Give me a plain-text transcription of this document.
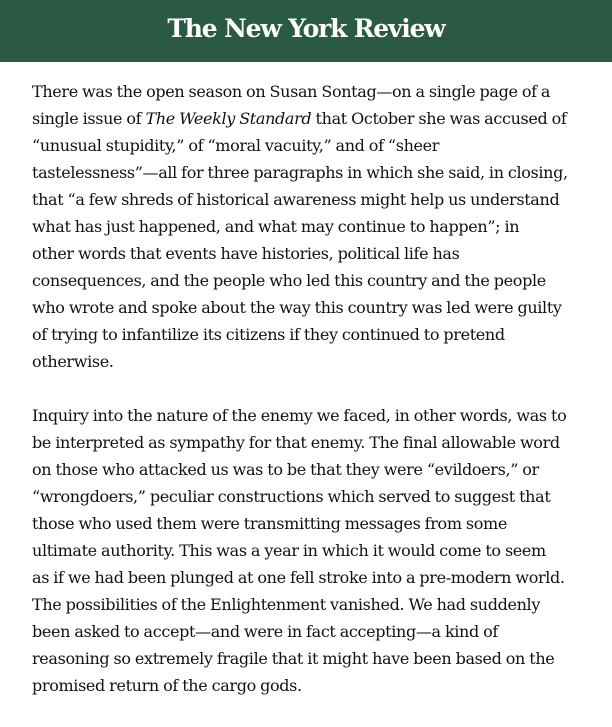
The New York Review

There was the open season on Susan Sontag—on a single page of a
single issue of The Weekly Standard that October she was accused of
“unusual stupidity,” of “moral vacuity,” and of “sheer
tastelessness”—all for three paragraphs in which she said, in closing,
that “a few shreds of historical awareness might help us understand
what has just happened, and what may continue to happen”; in
other words that events have histories, political life has
consequences, and the people who led this country and the people
who wrote and spoke about the way this country was led were guilty
of trying to infantilize its citizens if they continued to pretend
otherwise.

Inquiry into the nature of the enemy we faced, in other words, was to
be interpreted as sympathy for that enemy. The final allowable word
on those who attacked us was to be that they were “evildoers,” or
“wrongdoers,” peculiar constructions which served to suggest that
those who used them were transmitting messages from some
ultimate authority. This was a year in which it would come to seem
as if we had been plunged at one fell stroke into a pre-modern world.
The possibilities of the Enlightenment vanished. We had suddenly
been asked to accept—and were in fact accepting—a kind of
reasoning so extremely fragile that it might have been based on the
promised return of the cargo gods.
